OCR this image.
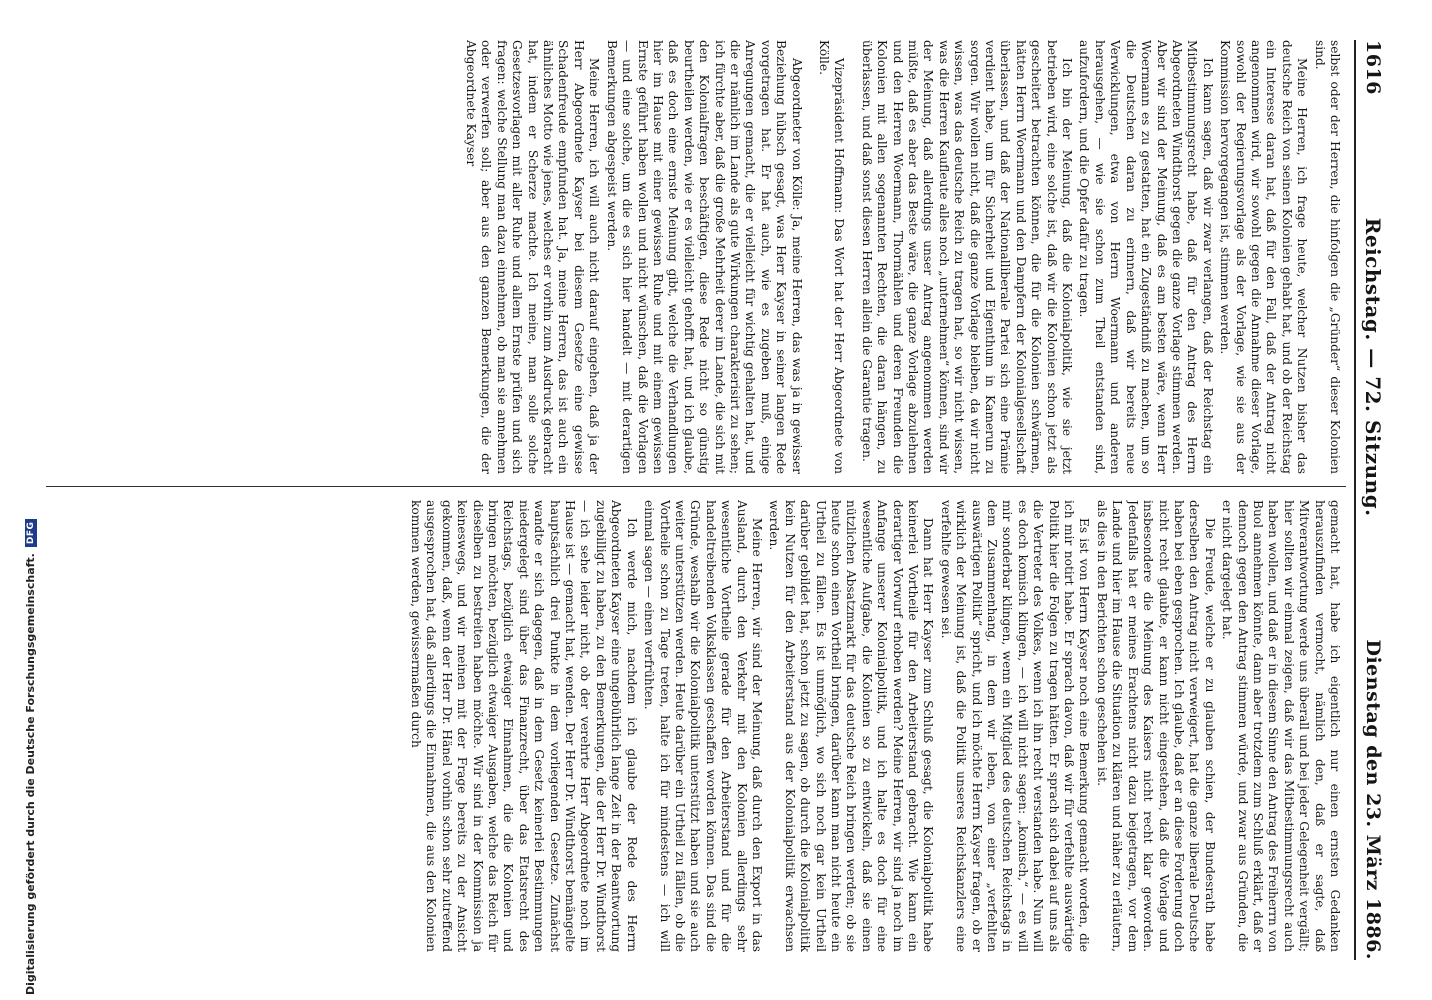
Digitalisierung gefördert durch die Deutsche Forschungsgemeinschaft.DFG
1616
Reichstag. — 72. Sitzung.
Dienstag den 23. März 1886.

selbst oder der Herren, die hinfolgen die „Gründer“ dieser Kolonien sind.

Meine Herren, ich frage heute, welcher Nutzen bisher das deutsche Reich von seinen Kolonien gehabt hat, und ob der Reichstag ein Interesse daran hat, daß für den Fall, daß der Antrag nicht angenommen wird, wir sowohl gegen die Annahme dieser Vorlage, sowohl der Regierungsvorlage als der Vorlage, wie sie aus der Kommission hervorgegangen ist, stimmen werden.

Ich kann sagen, daß wir zwar verlangen, daß der Reichstag ein Mitbestimmungsrecht habe, daß für den Antrag des Herrn Abgeordneten Windthorst gegen die ganze Vorlage stimmen werden. Aber wir sind der Meinung, daß es am besten wäre, wenn Herr Woermann es zu gestatten, hat ein Zugeständniß zu machen, um so die Deutschen daran zu erinnern, daß wir bereits neue Verwicklungen, etwa von Herrn Woermann und anderen herausgehen, — wie sie schon zum Theil entstanden sind, aufzufordern, und die Opfer dafür zu tragen.

Ich bin der Meinung, daß die Kolonialpolitik, wie sie jetzt betrieben wird, eine solche ist, daß wir die Kolonien schon jetzt als gescheitert betrachten können, die für die Kolonien schwärmen, hätten Herrn Woermann und den Dampfern der Kolonialgesellschaft überlassen, und daß der Nationalliberale Partei sich eine Prämie verdient habe, um für Sicherheit und Eigenthum in Kamerun zu sorgen. Wir wollen nicht, daß die ganze Vorlage bleiben, da wir nicht wissen, was das deutsche Reich zu tragen hat, so wir nicht wissen, was die Herren Kaufleute alles noch „unternehmen“ können, sind wir der Meinung, daß allerdings unser Antrag angenommen werden müßte, daß es aber das Beste wäre, die ganze Vorlage abzulehnen und den Herren Woermann, Thormählen und deren Freunden die Kolonien mit allen sogenannten Rechten, die daran hängen, zu überlassen, und daß sonst diesen Herren allein die Garantie tragen.

Vizepräsident Hoffmann: Das Wort hat der Herr Abgeordnete von Kölle.

Abgeordneter von Kölle: Ja, meine Herren, das was ja in gewisser Beziehung hübsch gesagt, was Herr Kayser in seiner langen Rede vorgetragen hat. Er hat auch, wie es zugeben muß, einige Anregungen gemacht, die er vielleicht für wichtig gehalten hat, und die er nämlich im Lande als gute Wirkungen charakterisirt zu sehen; ich fürchte aber, daß die große Mehrheit derer im Lande, die sich mit den Kolonialfragen beschäftigen, diese Rede nicht so günstig beurtheilen werden, wie er es vielleicht gehofft hat, und ich glaube, daß es doch eine ernste Meinung gibt, welche die Verhandlungen hier im Hause mit einer gewissen Ruhe und mit einem gewissen Ernste geführt haben wollen und nicht wünschen, daß die Vorlagen — und eine solche, um die es sich hier handelt — mit derartigen Bemerkungen abgespeist werden.

Meine Herren, ich will auch nicht darauf eingehen, daß ja der Herr Abgeordnete Kayser bei diesem Gesetze eine gewisse Schadenfreude empfunden hat. Ja, meine Herren, das ist auch ein ähnliches Motto wie jenes, welches er vorhin zum Ausdruck gebracht hat, indem er Scherze machte. Ich meine, man solle solche Gesetzesvorlagen mit aller Ruhe und allem Ernste prüfen und sich fragen: welche Stellung man dazu einnehmen, ob man sie annehmen oder verwerfen soll; aber aus den ganzen Bemerkungen, die der Abgeordnete Kayser

gemacht hat, habe ich eigentlich nur einen ernsten Gedanken herauszufinden vermocht, nämlich den, daß er sagte, daß Mitverantwortung werde uns überall und bei jeder Gelegenheit vergällt; hier sollten wir einmal zeigen, daß wir das Mitbestimmungsrecht auch haben wollen, und daß er in diesem Sinne den Antrag des Freiherrn von Buol annehmen könnte, dann aber trotzdem zum Schluß erklärt, daß er dennoch gegen den Antrag stimmen würde, und zwar aus Gründen, die er nicht dargelegt hat.

Die Freude, welche er zu glauben schien, der Bundesrath habe derselben den Antrag nicht verweigert, hat die ganze liberale Deutsche haben bei eben gesprochen. Ich glaube, daß er an diese Forderung doch nicht recht glaubte, er kann nicht eingestehen, daß die Vorlage und insbesondere die Meinung des Kaisers nicht recht klar geworden. Jedenfalls hat er meines Erachtens nicht dazu beigetragen, vor dem Lande und hier im Hause die Situation zu klären und näher zu erläutern, als dies in den Berichten schon geschehen ist.

Es ist von Herrn Kayser noch eine Bemerkung gemacht worden, die ich mir notirt habe. Er sprach davon, daß wir für verfehlte auswärtige Politik hier die Folgen zu tragen hätten. Er sprach sich dabei auf uns als die Vertreter des Volkes, wenn ich ihn recht verstanden habe. Nun will es doch komisch klingen, — ich will nicht sagen: „komisch,“ — es will mir sonderbar klingen, wenn ein Mitglied des deutschen Reichstags in dem Zusammenhang, in dem wir leben, von einer „verfehlten auswärtigen Politik“ spricht, und ich möchte Herrn Kayser fragen, ob er wirklich der Meinung ist, daß die Politik unseres Reichskanzlers eine verfehlte gewesen sei.

Dann hat Herr Kayser zum Schluß gesagt, die Kolonialpolitik habe keinerlei Vortheile für den Arbeiterstand gebracht. Wie kann ein derartiger Vorwurf erhoben werden? Meine Herren, wir sind ja noch im Anfange unserer Kolonialpolitik, und ich halte es doch für eine wesentliche Aufgabe, die Kolonien so zu entwickeln, daß sie einen nützlichen Absatzmarkt für das deutsche Reich bringen werden; ob sie heute schon einen Vortheil bringen, darüber kann man nicht heute ein Urtheil zu fällen. Es ist unmöglich, wo sich noch gar kein Urtheil darüber gebildet hat, schon jetzt zu sagen, ob durch die Kolonialpolitik kein Nutzen für den Arbeiterstand aus der Kolonialpolitik erwachsen werden.

Meine Herren, wir sind der Meinung, daß durch den Export in das Ausland, durch den Verkehr mit den Kolonien allerdings sehr wesentliche Vortheile gerade für den Arbeiterstand und für die handeltreibenden Volksklassen geschaffen worden können. Das sind die Gründe, weshalb wir die Kolonialpolitik unterstützt haben und sie auch weiter unterstützen werden. Heute darüber ein Urtheil zu fällen, ob die Vortheile schon zu Tage treten, halte ich für mindestens — ich will einmal sagen — einen verfrühten.

Ich werde mich, nachdem ich glaube der Rede des Herrn Abgeordneten Kayser eine ungebührlich lange Zeit in der Beantwortung zugebilligt zu haben, zu den Bemerkungen, die der Herr Dr. Windthorst — ich sehe leider nicht, ob der verehrte Herr Abgeordnete noch im Hause ist — gemacht hat, wenden. Der Herr Dr. Windthorst bemängelte hauptsächlich drei Punkte in dem vorliegenden Gesetze. Zunächst wandte er sich dagegen, daß in dem Gesetz keinerlei Bestimmungen niedergelegt sind über das Finanzrecht, über das Etatsrecht des Reichstags, bezüglich etwaiger Einnahmen, die die Kolonien und bringen möchten, bezüglich etwaiger Ausgaben, welche das Reich für dieselben zu bestreiten haben möchte. Wir sind in der Kommission ja keineswegs, und wir meinen mit der Frage bereits zu der Ansicht gekommen, daß, wenn der Herr Dr. Hänel vorhin schon sehr zutreffend ausgesprochen hat, daß allerdings die Einnahmen, die aus den Kolonien kommen werden, gewissermaßen durch
